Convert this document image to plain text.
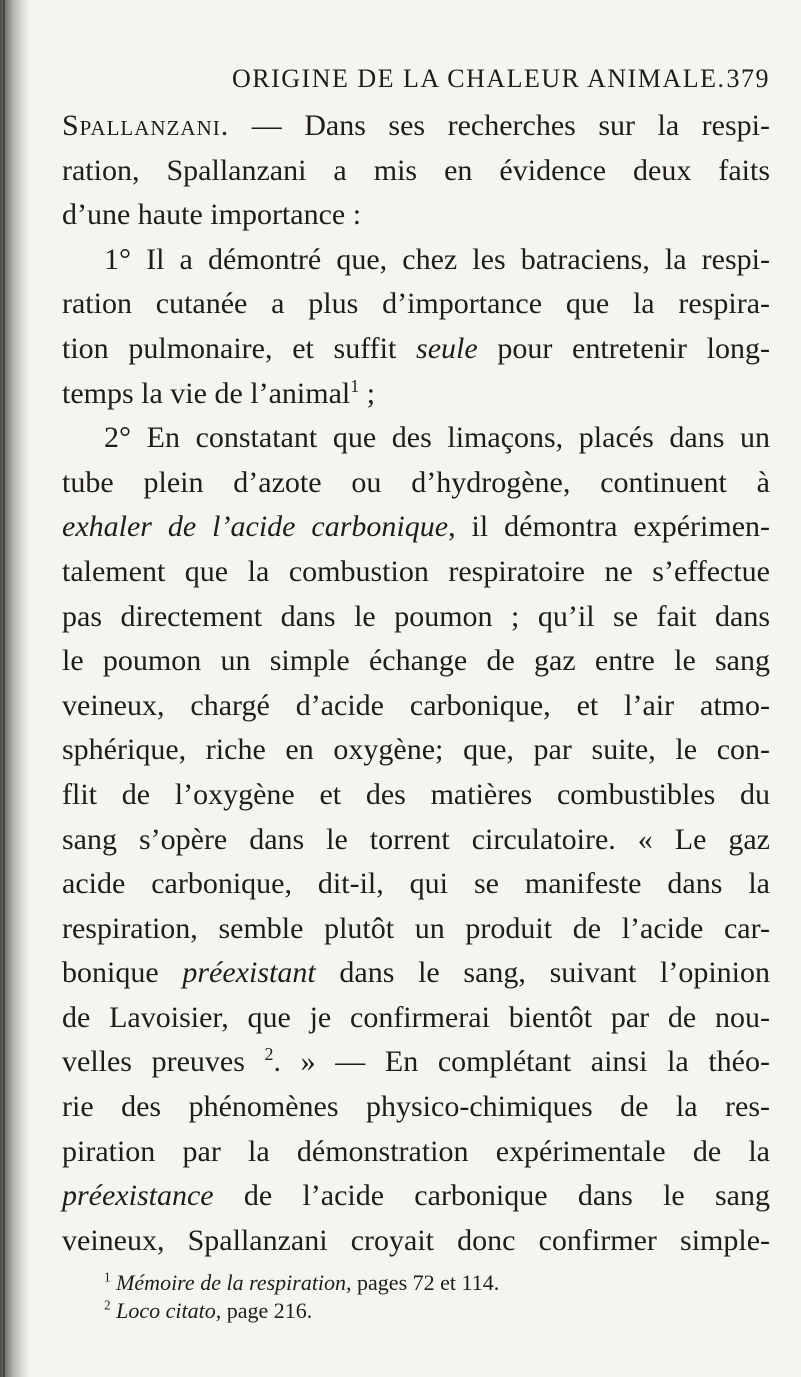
ORIGINE DE LA CHALEUR ANIMALE. 379
Spallanzani. — Dans ses recherches sur la respi-
ration, Spallanzani a mis en évidence deux faits
d’une haute importance :
1° Il a démontré que, chez les batraciens, la respi-
ration cutanée a plus d’importance que la respira-
tion pulmonaire, et suffit seule pour entretenir long-
temps la vie de l’animal$^1$ ;
2° En constatant que des limaçons, placés dans un
tube plein d’azote ou d’hydrogène, continuent à
exhaler de l’acide carbonique, il démontra expérimen-
talement que la combustion respiratoire ne s’effectue
pas directement dans le poumon ; qu’il se fait dans
le poumon un simple échange de gaz entre le sang
veineux, chargé d’acide carbonique, et l’air atmo-
sphérique, riche en oxygène; que, par suite, le con-
flit de l’oxygène et des matières combustibles du
sang s’opère dans le torrent circulatoire. « Le gaz
acide carbonique, dit-il, qui se manifeste dans la
respiration, semble plutôt un produit de l’acide car-
bonique préexistant dans le sang, suivant l’opinion
de Lavoisier, que je confirmerai bientôt par de nou-
velles preuves $^2$. » — En complétant ainsi la théo-
rie des phénomènes physico-chimiques de la res-
piration par la démonstration expérimentale de la
préexistance de l’acide carbonique dans le sang
veineux, Spallanzani croyait donc confirmer simple-
$^1$ Mémoire de la respiration, pages 72 et 114.
$^2$ Loco citato, page 216.
